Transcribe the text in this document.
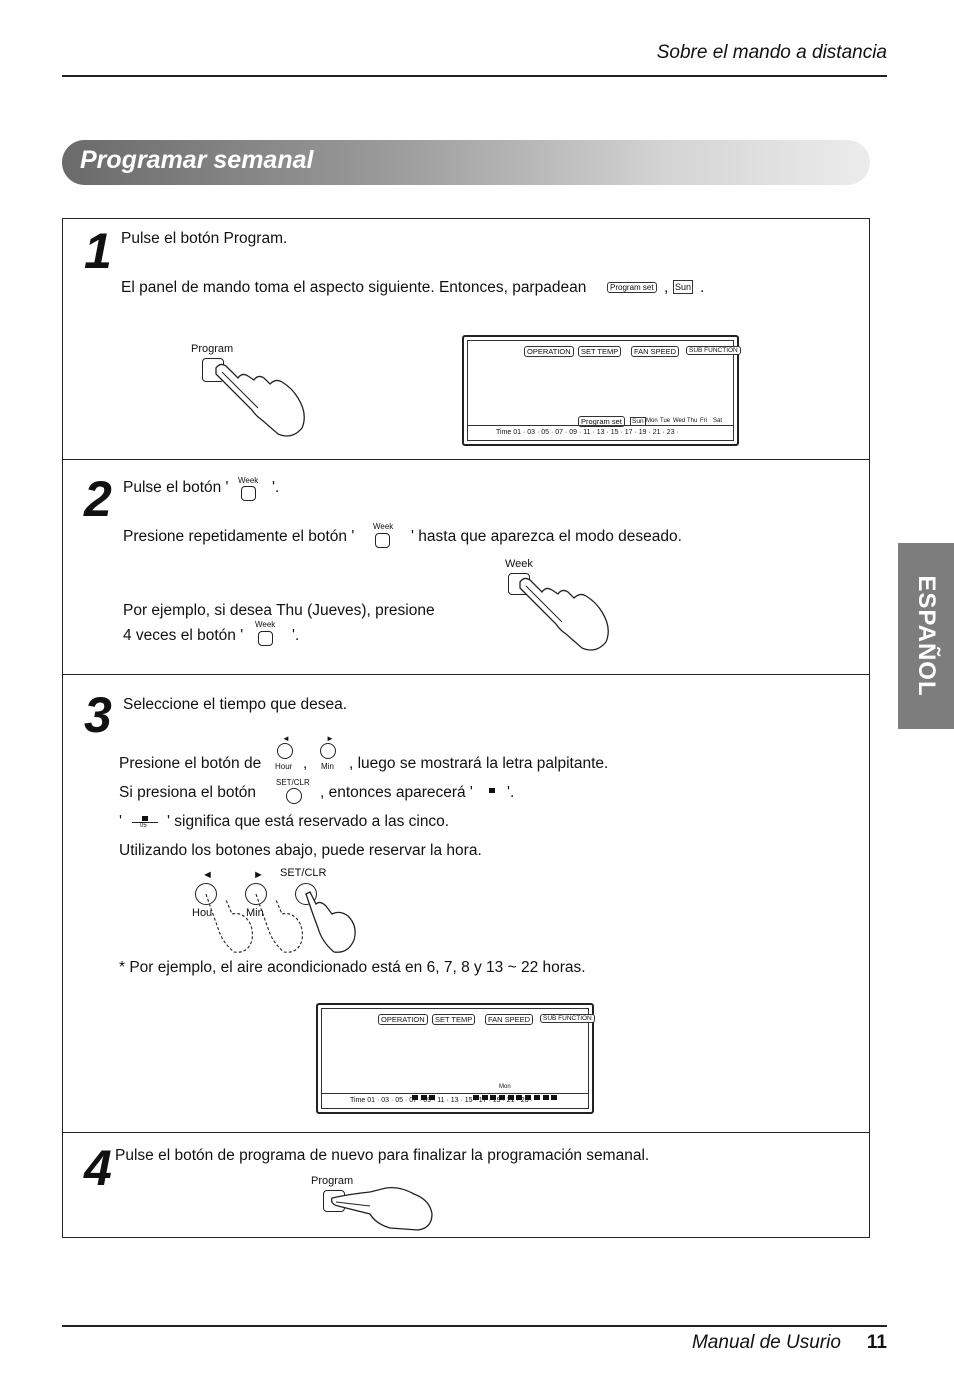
Sobre el mando a distancia
Programar semanal
ESPAÑOL
1 Pulse el botón Program.
El panel de mando toma el aspecto siguiente. Entonces, parpadean	Program set , Sun .
Program	OPERATION	SET TEMP	FAN SPEED	SUB FUNCTION
Program set	Sun Mon Tue Wed Thu Fri Sat
Time 01 · 03 · 05 · 07 · 09 · 11 · 13 · 15 · 17 · 19 · 21 · 23 ·
2 Pulse el botón ' Week '.
Presione repetidamente el botón '
Week
' hasta que aparezca el modo deseado.
Por ejemplo, si desea Thu (Jueves), presione
4 veces el botón '
Week
'.
Week
3 Seleccione el tiempo que desea.
Presione el botón de
◄
Hour ,
►
Min , luego se mostrará la letra palpitante.
Si presiona el botón
SET/CLR
, entonces aparecerá ' '.
'	05 ' significa que está reservado a las cinco.
Utilizando los botones abajo, puede reservar la hora.
◄	► SET/CLR
Hou	Min
* Por ejemplo, el aire acondicionado está en 6, 7, 8 y 13 ~ 22 horas.
OPERATION	SET TEMP	FAN SPEED	SUB FUNCTION
Mon
Time 01 · 03 · 05 · 07 · 09 · 11 · 13 · 15 · 17 · 19 · 21 · 23 ·
4 Pulse el botón de programa de nuevo para finalizar la programación semanal.
Program
Manual de Usurio 11
